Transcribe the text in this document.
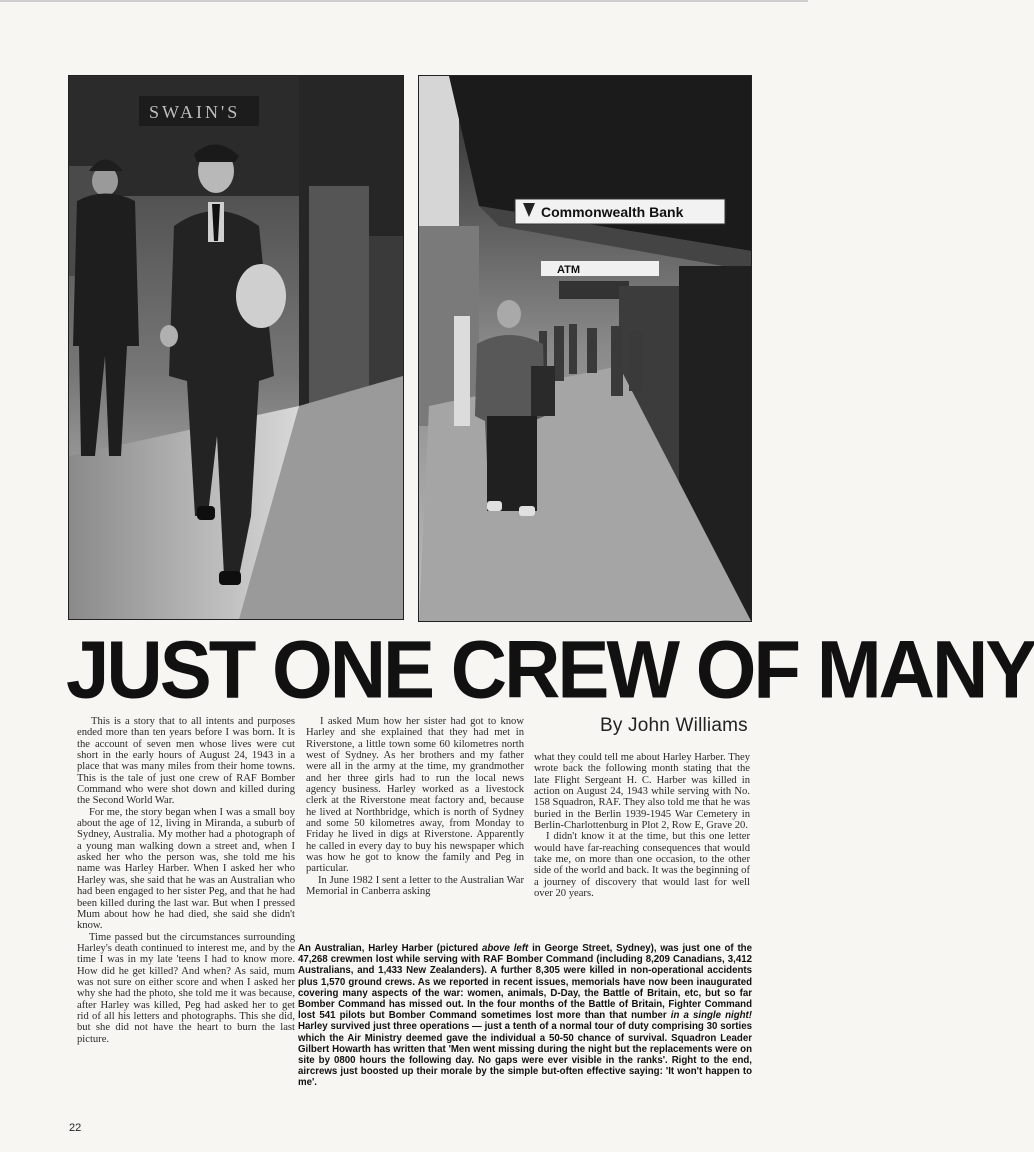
SWAIN'S
Commonwealth Bank
ATM
JUST ONE CREW OF MANY
By John Williams

This is a story that to all intents and purposes ended more than ten years before I was born. It is the account of seven men whose lives were cut short in the early hours of August 24, 1943 in a place that was many miles from their home towns. This is the tale of just one crew of RAF Bomber Command who were shot down and killed during the Second World War.

For me, the story began when I was a small boy about the age of 12, living in Miranda, a suburb of Sydney, Australia. My mother had a photograph of a young man walking down a street and, when I asked her who the person was, she told me his name was Harley Harber. When I asked her who Harley was, she said that he was an Australian who had been engaged to her sister Peg, and that he had been killed during the last war. But when I pressed Mum about how he had died, she said she didn't know.

Time passed but the circumstances surrounding Harley's death continued to interest me, and by the time I was in my late 'teens I had to know more. How did he get killed? And when? As said, mum was not sure on either score and when I asked her why she had the photo, she told me it was because, after Harley was killed, Peg had asked her to get rid of all his letters and photographs. This she did, but she did not have the heart to burn the last picture.

I asked Mum how her sister had got to know Harley and she explained that they had met in Riverstone, a little town some 60 kilometres north west of Sydney. As her brothers and my father were all in the army at the time, my grandmother and her three girls had to run the local news agency business. Harley worked as a livestock clerk at the Riverstone meat factory and, because he lived at Northbridge, which is north of Sydney and some 50 kilometres away, from Monday to Friday he lived in digs at Riverstone. Apparently he called in every day to buy his newspaper which was how he got to know the family and Peg in particular.

In June 1982 I sent a letter to the Australian War Memorial in Canberra asking

what they could tell me about Harley Harber. They wrote back the following month stating that the late Flight Sergeant H. C. Harber was killed in action on August 24, 1943 while serving with No. 158 Squadron, RAF. They also told me that he was buried in the Berlin 1939-1945 War Cemetery in Berlin-Charlottenburg in Plot 2, Row E, Grave 20.

I didn't know it at the time, but this one letter would have far-reaching consequences that would take me, on more than one occasion, to the other side of the world and back. It was the beginning of a journey of discovery that would last for well over 20 years.

An Australian, Harley Harber (pictured above left in George Street, Sydney), was just one of the 47,268 crewmen lost while serving with RAF Bomber Command (including 8,209 Canadians, 3,412 Australians, and 1,433 New Zealanders). A further 8,305 were killed in non-operational accidents plus 1,570 ground crews. As we reported in recent issues, memorials have now been inaugurated covering many aspects of the war: women, animals, D-Day, the Battle of Britain, etc, but so far Bomber Command has missed out. In the four months of the Battle of Britain, Fighter Command lost 541 pilots but Bomber Command sometimes lost more than that number in a single night! Harley survived just three operations — just a tenth of a normal tour of duty comprising 30 sorties which the Air Ministry deemed gave the individual a 50-50 chance of survival. Squadron Leader Gilbert Howarth has written that 'Men went missing during the night but the replacements were on site by 0800 hours the following day. No gaps were ever visible in the ranks'. Right to the end, aircrews just boosted up their morale by the simple but-often effective saying: 'It won't happen to me'.
22
